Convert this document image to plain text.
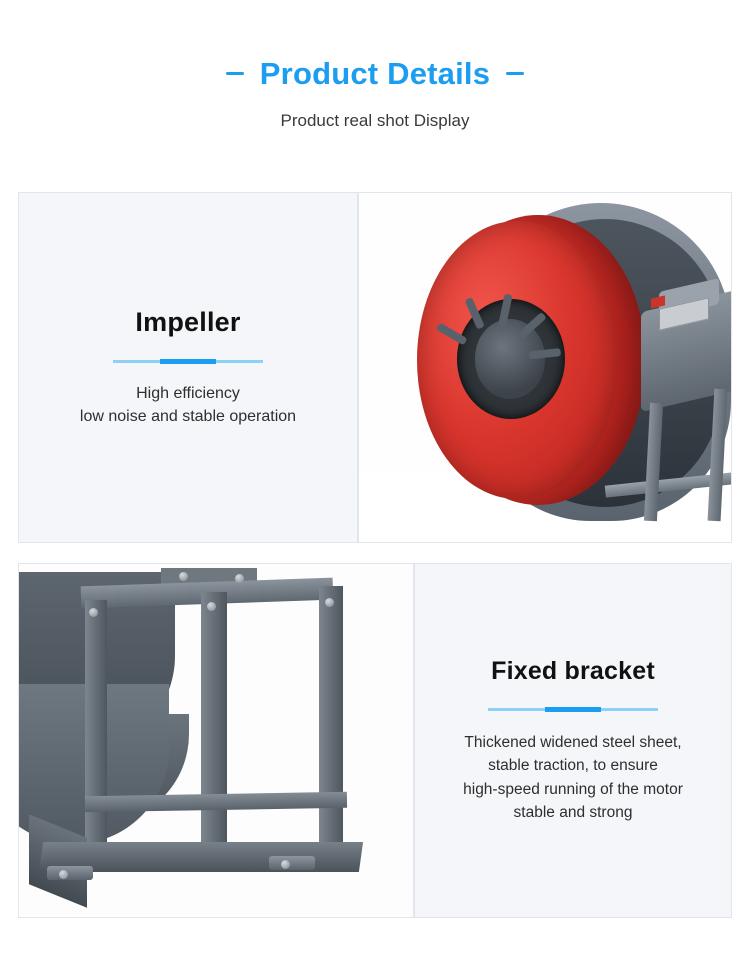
Product Details
Product real shot Display
Impeller
High efficiency
low noise and stable operation
Fixed bracket
Thickened widened steel sheet,
stable traction, to ensure
high-speed running of the motor
stable and strong
